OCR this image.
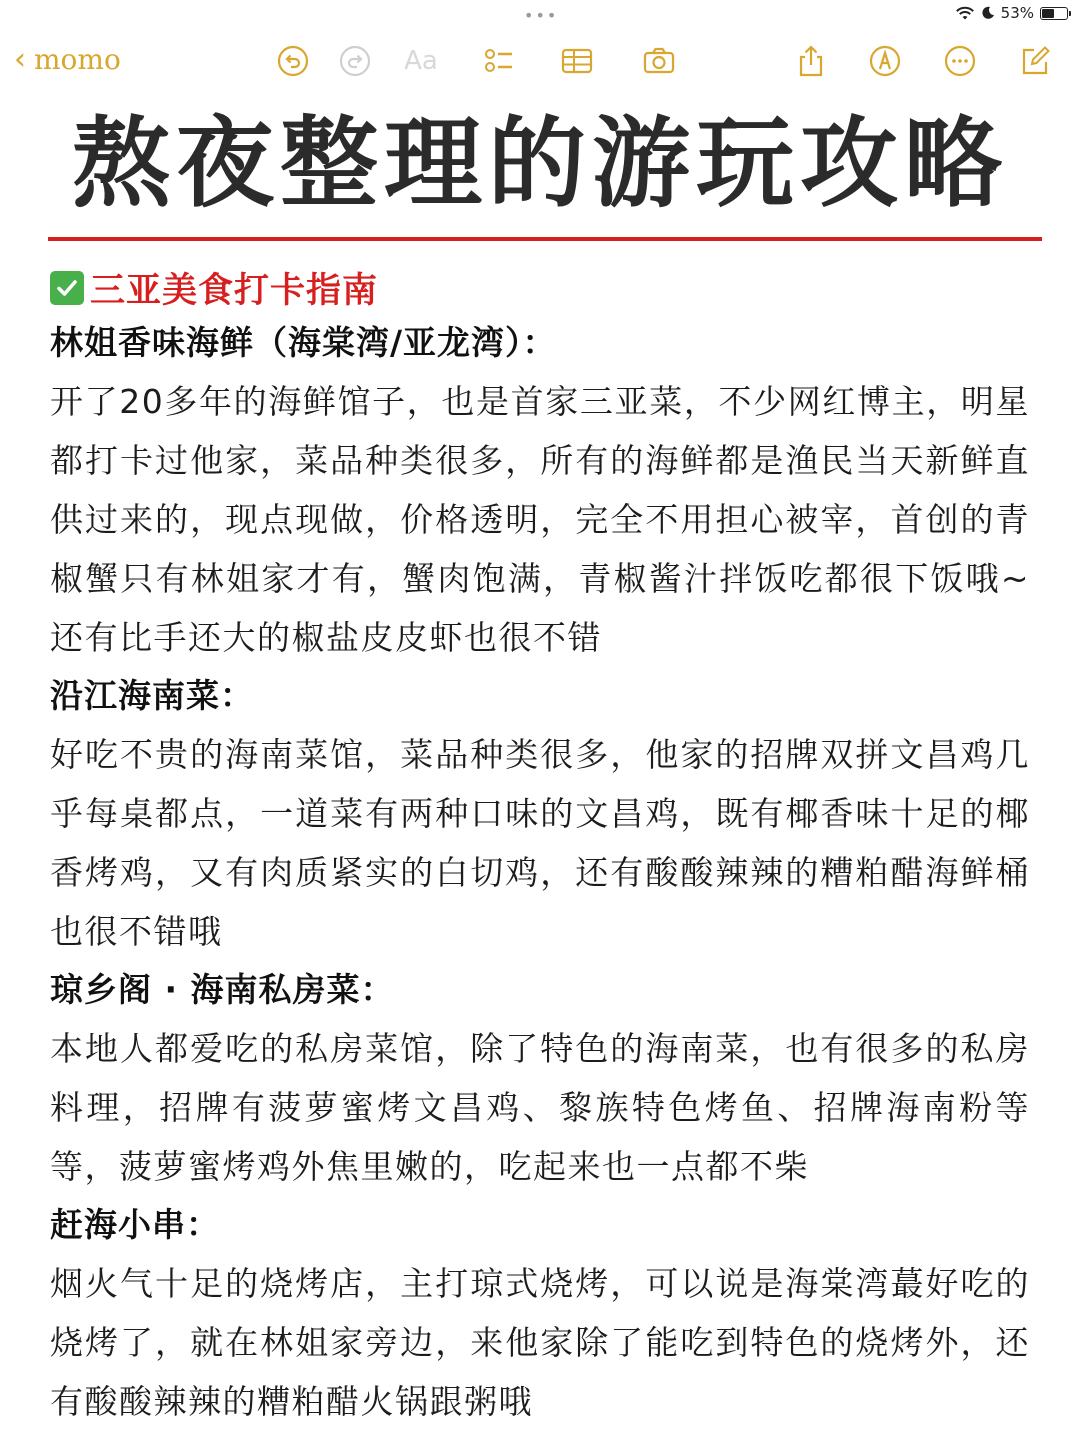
•••	53%
‹ momo	Aa
熬夜整理的游玩攻略
三亚美食打卡指南
林姐香味海鲜（海棠湾/亚龙湾）：
开了20多年的海鲜馆子，也是首家三亚菜，不少网红博主，明星都打卡过他家，菜品种类很多，所有的海鲜都是渔民当天新鲜直供过来的，现点现做，价格透明，完全不用担心被宰，首创的青椒蟹只有林姐家才有，蟹肉饱满，青椒酱汁拌饭吃都很下饭哦~还有比手还大的椒盐皮皮虾也很不错
沿江海南菜：
好吃不贵的海南菜馆，菜品种类很多，他家的招牌双拼文昌鸡几乎每桌都点，一道菜有两种口味的文昌鸡，既有椰香味十足的椰香烤鸡，又有肉质紧实的白切鸡，还有酸酸辣辣的糟粕醋海鲜桶也很不错哦
琼乡阁 · 海南私房菜：
本地人都爱吃的私房菜馆，除了特色的海南菜，也有很多的私房料理，招牌有菠萝蜜烤文昌鸡、黎族特色烤鱼、招牌海南粉等等，菠萝蜜烤鸡外焦里嫩的，吃起来也一点都不柴
赶海小串：
烟火气十足的烧烤店，主打琼式烧烤，可以说是海棠湾蕞好吃的烧烤了，就在林姐家旁边，来他家除了能吃到特色的烧烤外，还有酸酸辣辣的糟粕醋火锅跟粥哦
